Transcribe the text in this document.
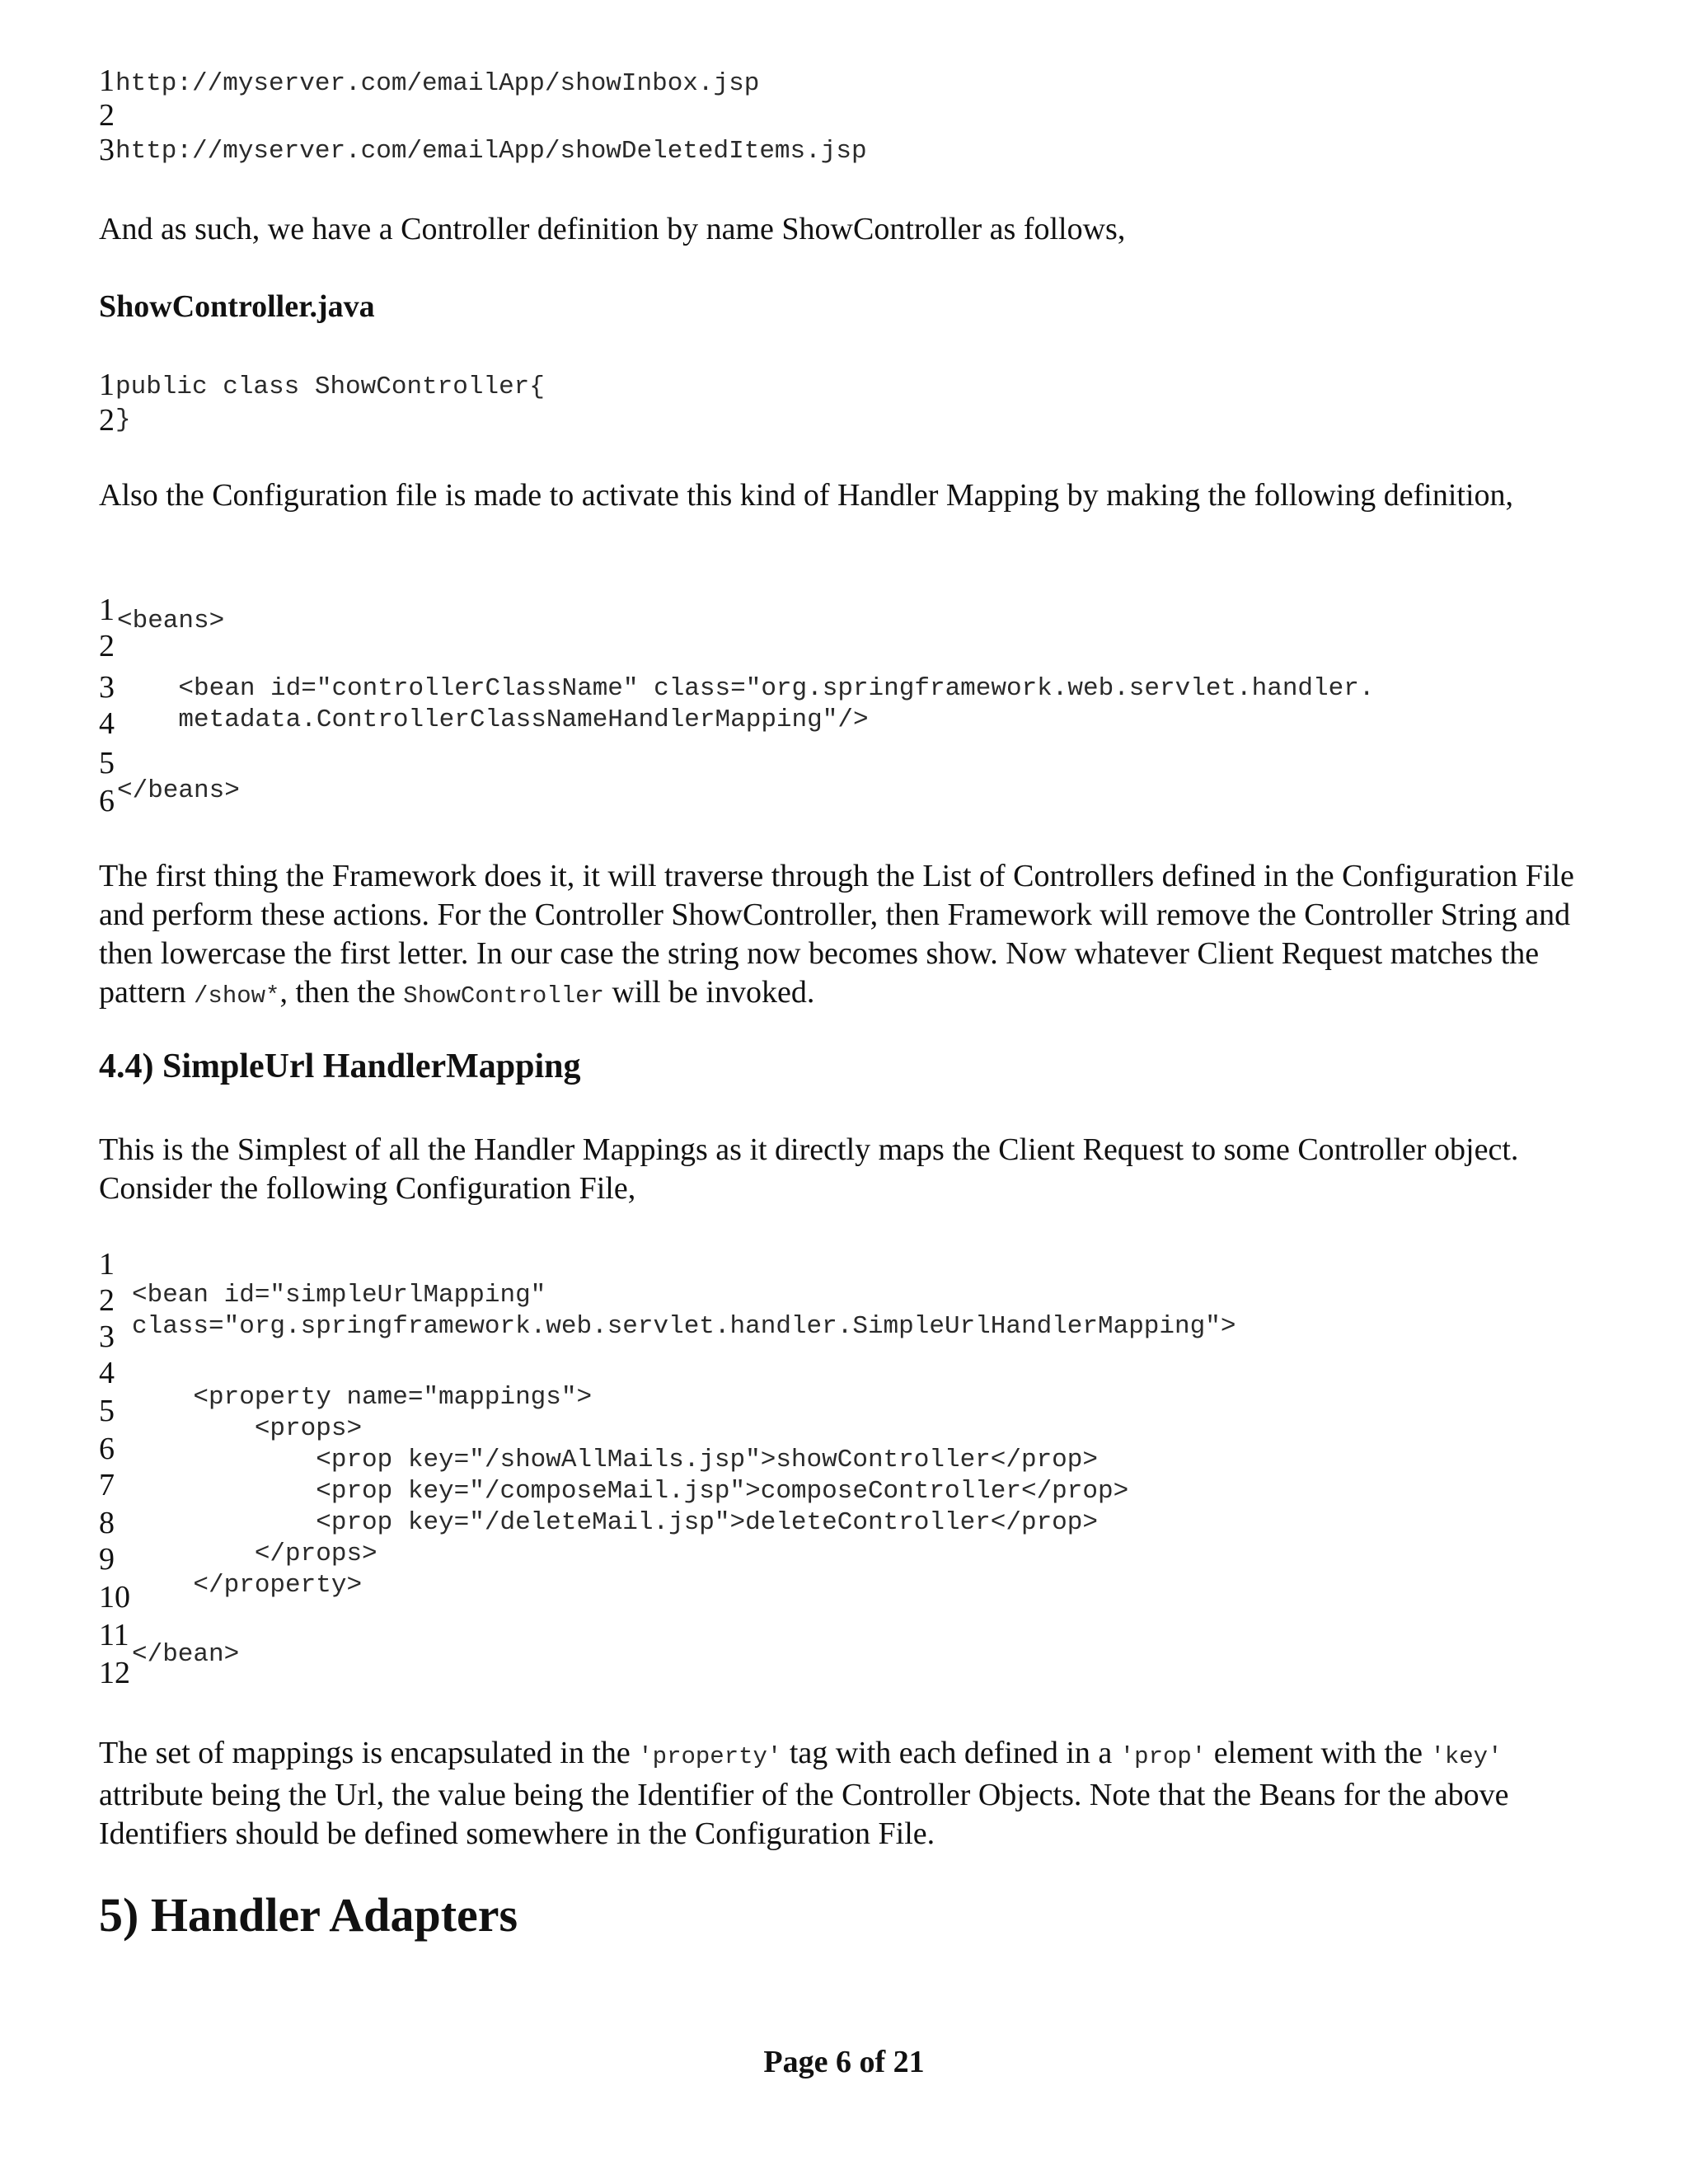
1 http://myserver.com/emailApp/showInbox.jsp
2
3 http://myserver.com/emailApp/showDeletedItems.jsp

And as such, we have a Controller definition by name ShowController as follows,

ShowController.java

1 public class ShowController{
2 }

Also the Configuration file is made to activate this kind of Handler Mapping by making the following definition,

1 <beans>
2
3 <bean id="controllerClassName" class="org.springframework.web.servlet.handler.
4 metadata.ControllerClassNameHandlerMapping"/>
5
6 </beans>

The first thing the Framework does it, it will traverse through the List of Controllers defined in the Configuration File and perform these actions. For the Controller ShowController, then Framework will remove the Controller String and then lowercase the first letter. In our case the string now becomes show. Now whatever Client Request matches the pattern /show*, then the ShowController will be invoked.

4.4) SimpleUrl HandlerMapping

This is the Simplest of all the Handler Mappings as it directly maps the Client Request to some Controller object. Consider the following Configuration File,

1
2 <bean id="simpleUrlMapping"
3 class="org.springframework.web.servlet.handler.SimpleUrlHandlerMapping">
4
<property name="mappings">
5
<props>
6 <prop key="/showAllMails.jsp">showController</prop>
7 <prop key="/composeMail.jsp">composeController</prop>
8 <prop key="/deleteMail.jsp">deleteController</prop>
9 </props>
10 </property>
11
</bean>
12

The set of mappings is encapsulated in the 'property' tag with each defined in a 'prop' element with the 'key' attribute being the Url, the value being the Identifier of the Controller Objects. Note that the Beans for the above Identifiers should be defined somewhere in the Configuration File.

5) Handler Adapters

Page 6 of 21
